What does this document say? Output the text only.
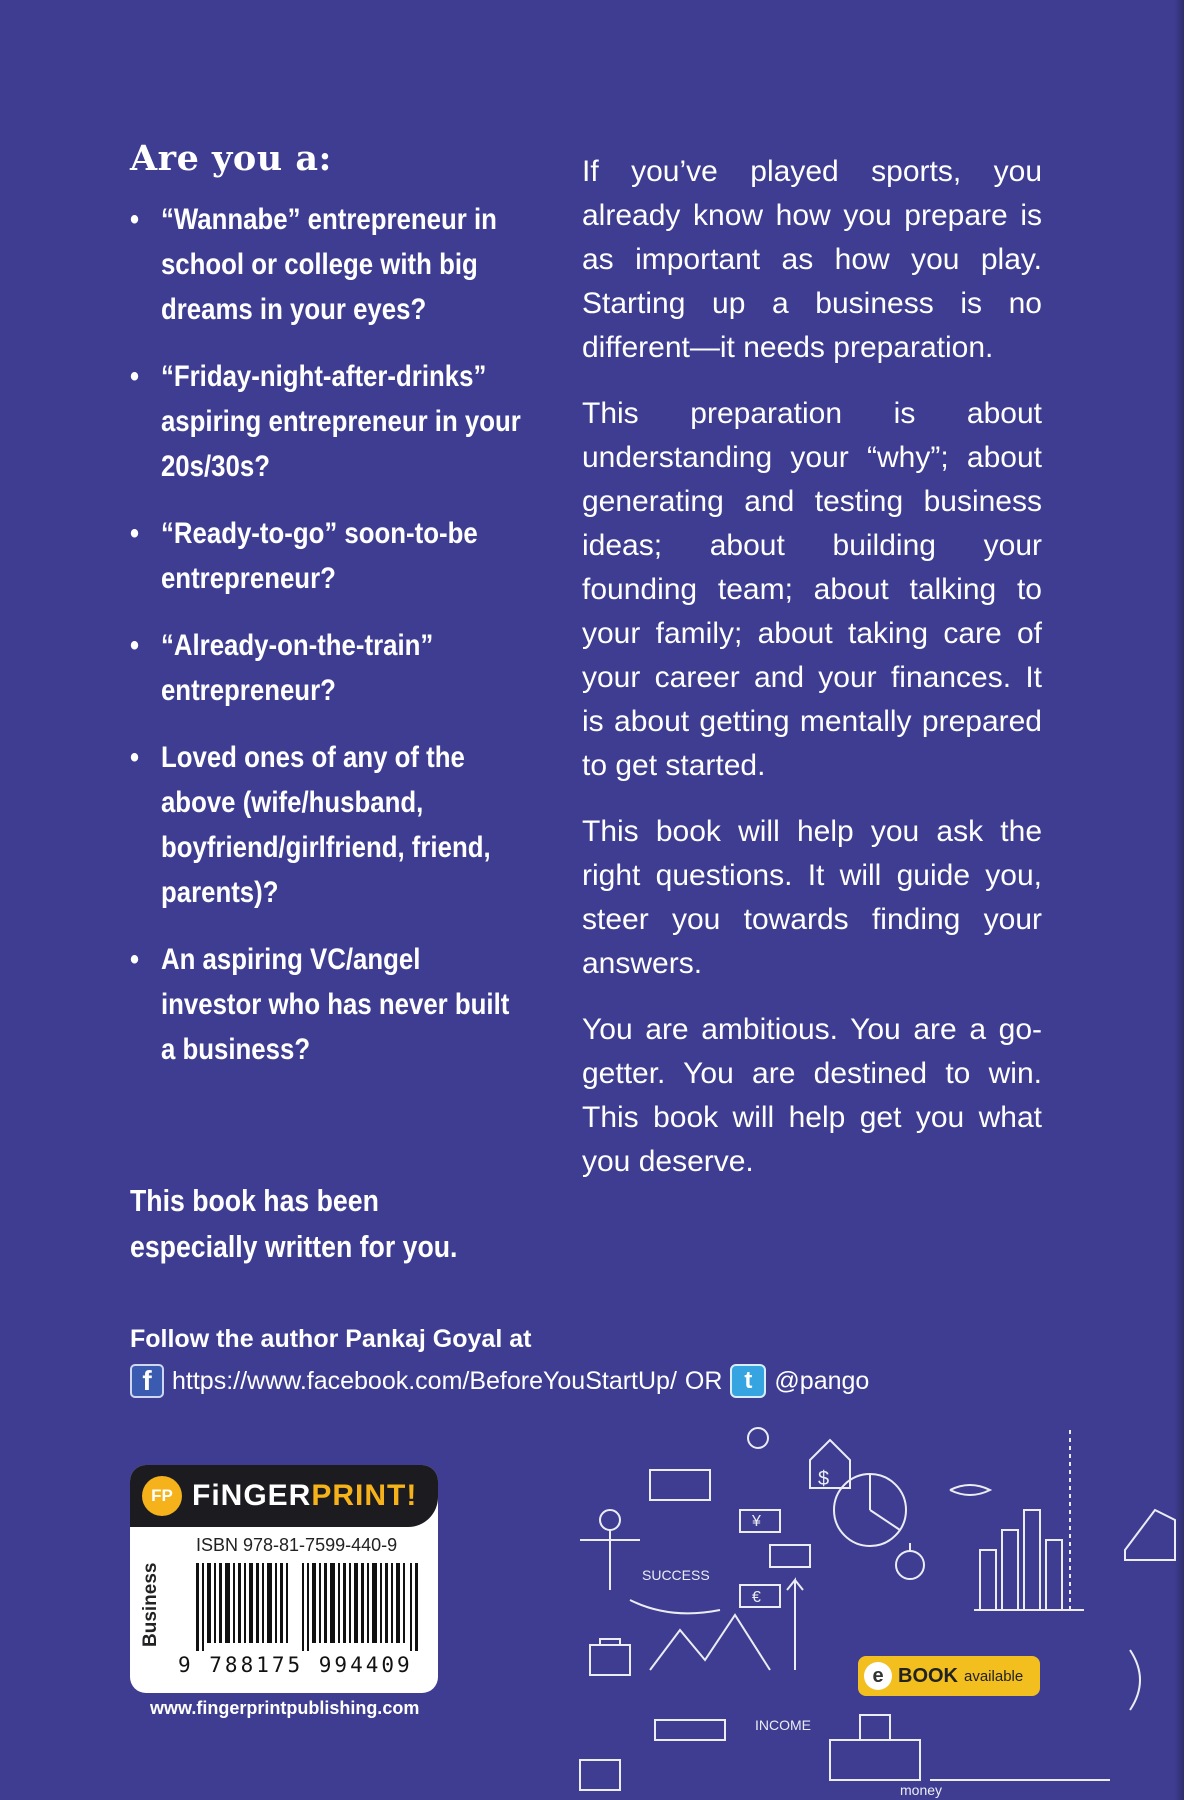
Are you a:
• “Wannabe” entrepreneur in school or college with big dreams in your eyes?
• “Friday-night-after-drinks” aspiring entrepreneur in your 20s/30s?
• “Ready-to-go” soon-to-be entrepreneur?
• “Already-on-the-train” entrepreneur?
• Loved ones of any of the above (wife/husband, boyfriend/girlfriend, friend, parents)?
• An aspiring VC/angel investor who has never built a business?
This book has been especially written for you.

If you’ve played sports, you already know how you prepare is as important as how you play. Starting up a business is no different—it needs preparation.

This preparation is about understanding your “why”; about generating and testing business ideas; about building your founding team; about talking to your family; about taking care of your career and your finances. It is about getting mentally prepared to get started.

This book will help you ask the right questions. It will guide you, steer you towards finding your answers.

You are ambitious. You are a go-getter. You are destined to win. This book will help get you what you deserve.

Follow the author Pankaj Goyal at
f https://www.facebook.com/BeforeYouStartUp/ OR t @pango
FP FiNGERPRINT!
Business
ISBN 978-81-7599-440-9
9 788175 994409
www.fingerprintpublishing.com
SUCCESS
INCOME
money
$
€
¥
e BOOK available
